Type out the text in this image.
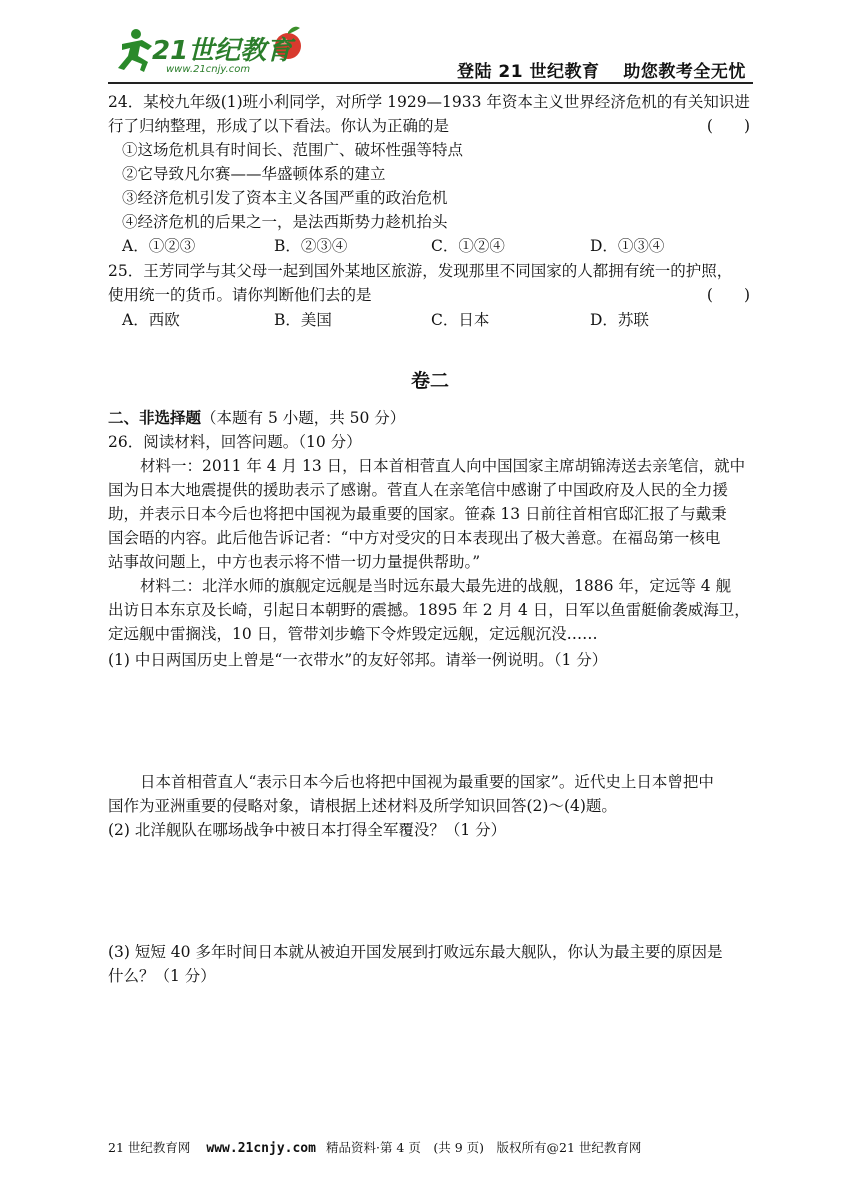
21世纪教育
www.21cnjy.com	登陆 21 世纪教育　 助您教考全无忧
24．某校九年级(1)班小利同学，对所学 1929—1933 年资本主义世界经济危机的有关知识进
行了归纳整理，形成了以下看法。你认为正确的是	(　　)
①这场危机具有时间长、范围广、破坏性强等特点
②它导致凡尔赛——华盛顿体系的建立
③经济危机引发了资本主义各国严重的政治危机
④经济危机的后果之一，是法西斯势力趁机抬头
A．①②③	B．②③④	C．①②④	D．①③④
25．王芳同学与其父母一起到国外某地区旅游，发现那里不同国家的人都拥有统一的护照，
使用统一的货币。请你判断他们去的是	(　　)
A．西欧	B．美国	C．日本	D．苏联
卷二
二、非选择题（本题有 5 小题，共 50 分）
26．阅读材料，回答问题。（10 分）
材料一：2011 年 4 月 13 日，日本首相菅直人向中国国家主席胡锦涛送去亲笔信，就中
国为日本大地震提供的援助表示了感谢。菅直人在亲笔信中感谢了中国政府及人民的全力援
助，并表示日本今后也将把中国视为最重要的国家。笹森 13 日前往首相官邸汇报了与戴秉
国会晤的内容。此后他告诉记者：“中方对受灾的日本表现出了极大善意。在福岛第一核电
站事故问题上，中方也表示将不惜一切力量提供帮助。”
材料二：北洋水师的旗舰定远舰是当时远东最大最先进的战舰，1886 年，定远等 4 舰
出访日本东京及长崎，引起日本朝野的震撼。1895 年 2 月 4 日，日军以鱼雷艇偷袭威海卫，
定远舰中雷搁浅，10 日，管带刘步蟾下令炸毁定远舰，定远舰沉没……
(1) 中日两国历史上曾是“一衣带水”的友好邻邦。请举一例说明。（1 分）
日本首相菅直人“表示日本今后也将把中国视为最重要的国家”。近代史上日本曾把中
国作为亚洲重要的侵略对象，请根据上述材料及所学知识回答(2)～(4)题。
(2) 北洋舰队在哪场战争中被日本打得全军覆没？（1 分）
(3) 短短 40 多年时间日本就从被迫开国发展到打败远东最大舰队，你认为最主要的原因是
什么？（1 分）
21 世纪教育网 www.21cnjy.com 精品资料·第 4 页　(共 9 页)　版权所有@21 世纪教育网
